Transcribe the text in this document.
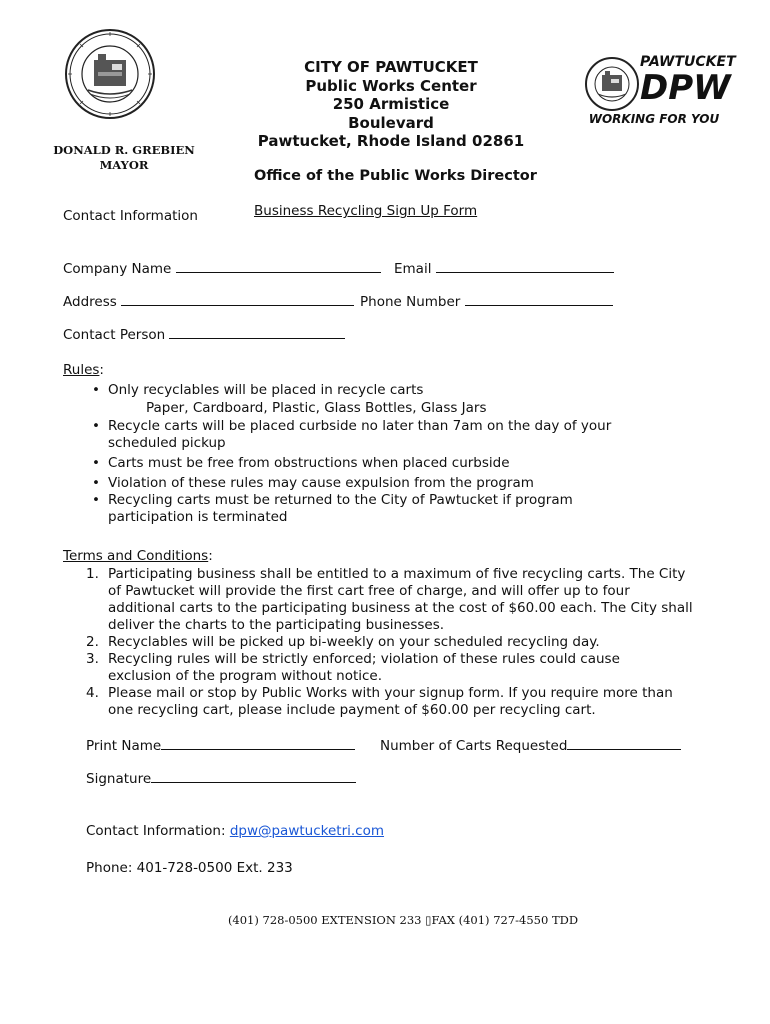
DONALD R. GREBIEN
MAYOR
CITY OF PAWTUCKET
Public Works Center
250 Armistice
Boulevard
Pawtucket, Rhode Island 02861
PAWTUCKET
DPW
WORKING FOR YOU
Office of the Public Works Director
Contact Information	Business Recycling Sign Up Form
Company Name	Email
Address	Phone Number
Contact Person
Rules:
• Only recyclables will be placed in recycle carts
Paper, Cardboard, Plastic, Glass Bottles, Glass Jars
• Recycle carts will be placed curbside no later than 7am on the day of your scheduled pickup
• Carts must be free from obstructions when placed curbside
• Violation of these rules may cause expulsion from the program
• Recycling carts must be returned to the City of Pawtucket if program participation is terminated
Terms and Conditions:
1. Participating business shall be entitled to a maximum of five recycling carts. The City of Pawtucket will provide the first cart free of charge, and will offer up to four additional carts to the participating business at the cost of $60.00 each. The City shall deliver the charts to the participating businesses.
2. Recyclables will be picked up bi-weekly on your scheduled recycling day.
3. Recycling rules will be strictly enforced; violation of these rules could cause exclusion of the program without notice.
4. Please mail or stop by Public Works with your signup form. If you require more than one recycling cart, please include payment of $60.00 per recycling cart.
Print Name	Number of Carts Requested
Signature
Contact Information: dpw@pawtucketri.com
Phone: 401-728-0500 Ext. 233
(401) 728-0500 EXTENSION 233 ▯FAX (401) 727-4550 TDD
